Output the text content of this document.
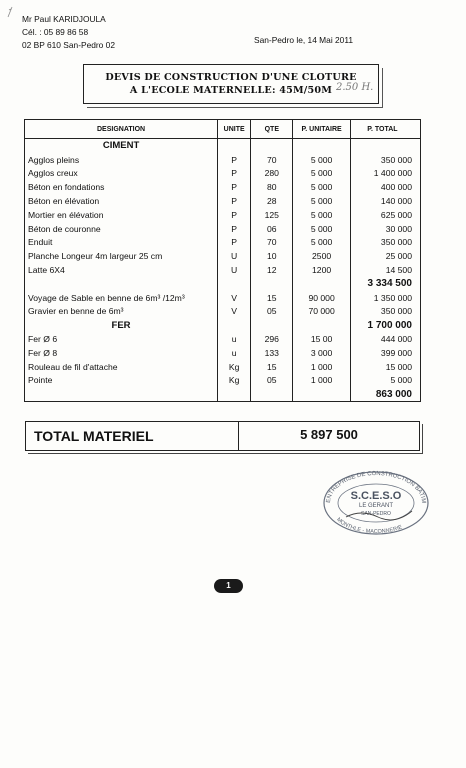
Mr Paul KARIDJOULA
Cél. : 05 89 86 58
02 BP 610 San-Pedro 02	San-Pedro le, 14 Mai 2011
DEVIS DE CONSTRUCTION D'UNE CLOTURE
A L'ECOLE MATERNELLE: 45M/50M 2.50 H.
DESIGNATION	UNITE	QTE	P. UNITAIRE	P. TOTAL
CIMENT				
Agglos pleins	P	70	5 000	350 000
Agglos creux	P	280	5 000	1 400 000
Béton en fondations	P	80	5 000	400 000
Béton en élévation	P	28	5 000	140 000
Mortier en élévation	P	125	5 000	625 000
Béton de couronne	P	06	5 000	30 000
Enduit	P	70	5 000	350 000
Planche Longeur 4m largeur 25 cm	U	10	2500	25 000
Latte 6X4	U	12	1200	14 500
				3 334 500
Voyage de Sable en benne de 6m³ /12m³	V	15	90 000	1 350 000
Gravier en benne de 6m³	V	05	70 000	350 000
FER				1 700 000
Fer Ø 6	u	296	15 00	444 000
Fer Ø 8	u	133	3 000	399 000
Rouleau de fil d'attache	Kg	15	1 000	15 000
Pointe	Kg	05	1 000	5 000
				863 000
TOTAL MATERIEL	5 897 500
ENTREPRISE DE CONSTRUCTION BATIM
MONTHLE - MACONNERIE
S.C.E.S.O
LE GERANT
SAN-PEDRO
1
